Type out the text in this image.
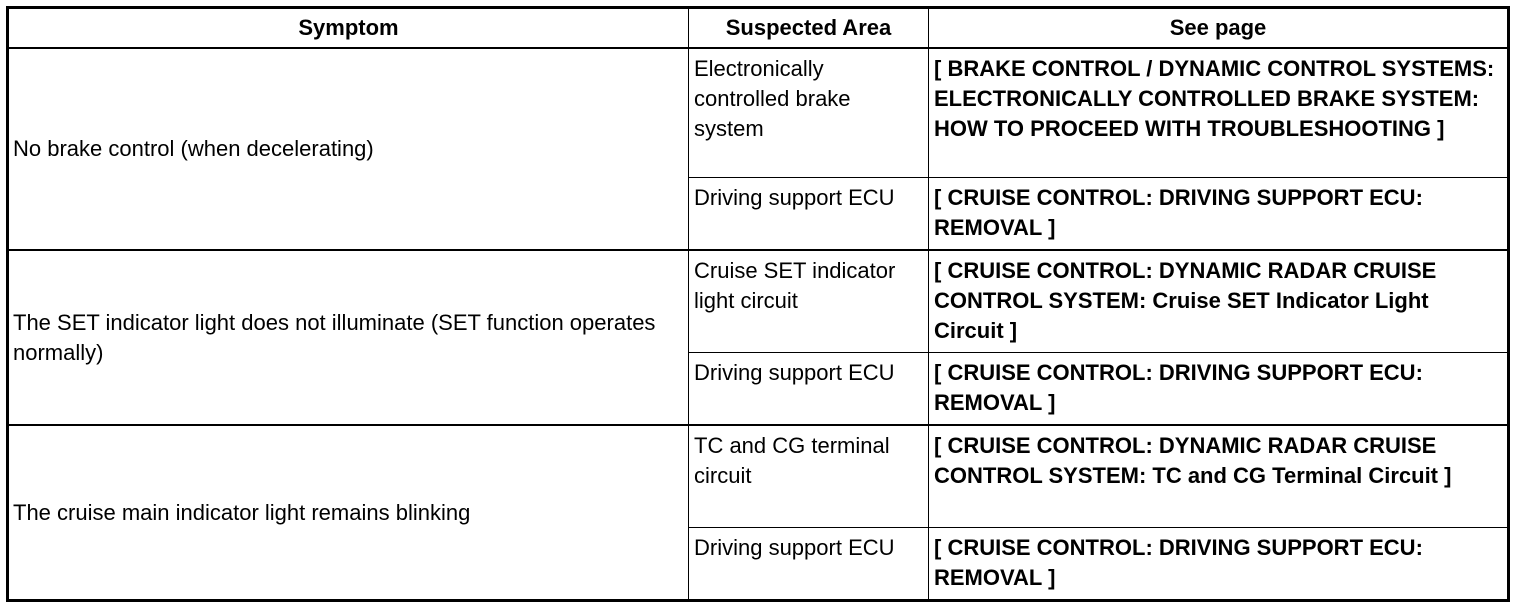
Symptom	Suspected Area	See page
No brake control (when decelerating)	Electronically controlled brake system	[ BRAKE CONTROL / DYNAMIC CONTROL SYSTEMS: ELECTRONICALLY CONTROLLED BRAKE SYSTEM: HOW TO PROCEED WITH TROUBLESHOOTING ]
	Driving support ECU	[ CRUISE CONTROL: DRIVING SUPPORT ECU: REMOVAL ]
The SET indicator light does not illuminate (SET function operates normally)	Cruise SET indicator light circuit	[ CRUISE CONTROL: DYNAMIC RADAR CRUISE CONTROL SYSTEM: Cruise SET Indicator Light Circuit ]
	Driving support ECU	[ CRUISE CONTROL: DRIVING SUPPORT ECU: REMOVAL ]
The cruise main indicator light remains blinking	TC and CG terminal circuit	[ CRUISE CONTROL: DYNAMIC RADAR CRUISE CONTROL SYSTEM: TC and CG Terminal Circuit ]
	Driving support ECU	[ CRUISE CONTROL: DRIVING SUPPORT ECU: REMOVAL ]
